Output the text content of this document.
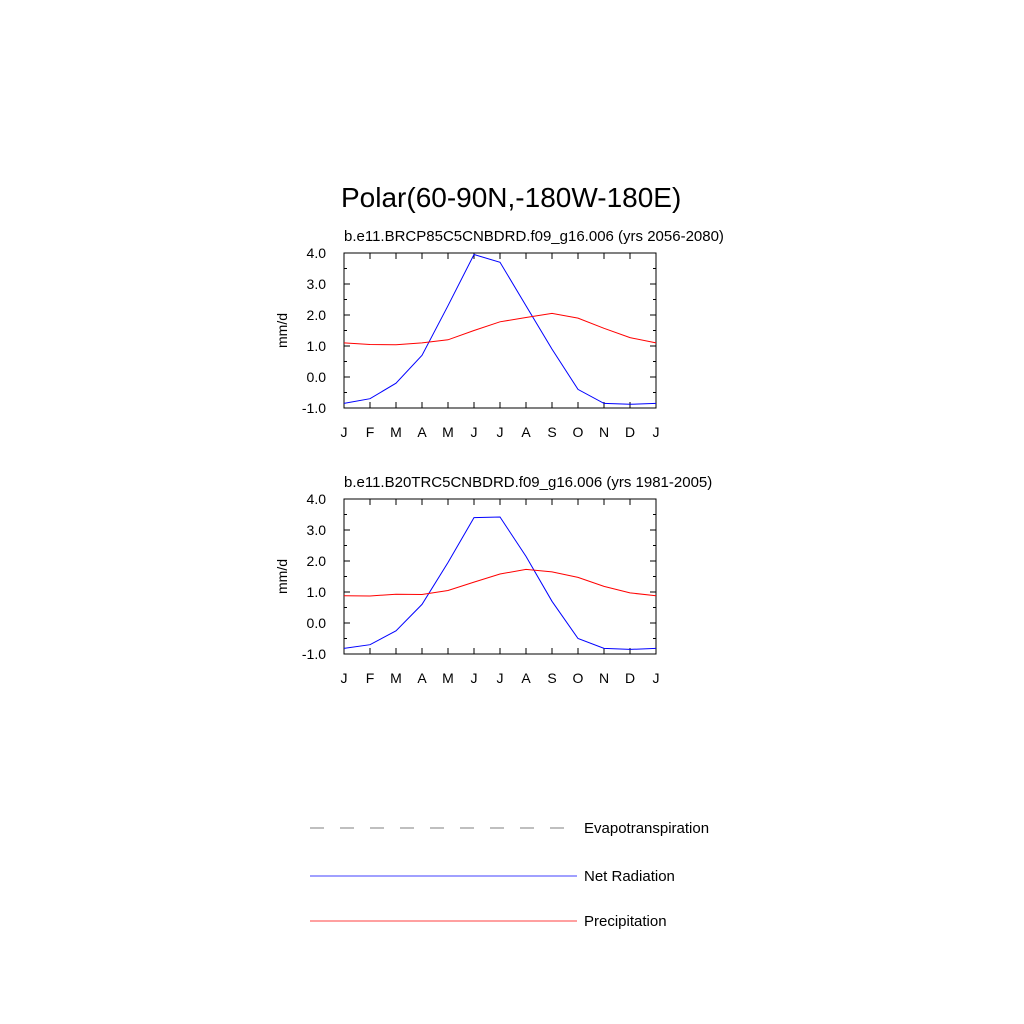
Polar(60-90N,-180W-180E)
b.e11.BRCP85C5CNBDRD.f09_g16.006 (yrs 2056-2080)
mm/d
4.0
3.0
2.0
1.0
0.0
-1.0
J F M A M J J A S O N D J
b.e11.B20TRC5CNBDRD.f09_g16.006 (yrs 1981-2005)
mm/d
4.0
3.0
2.0
1.0
0.0
-1.0
J F M A M J J A S O N D J
Evapotranspiration
Net Radiation
Precipitation
